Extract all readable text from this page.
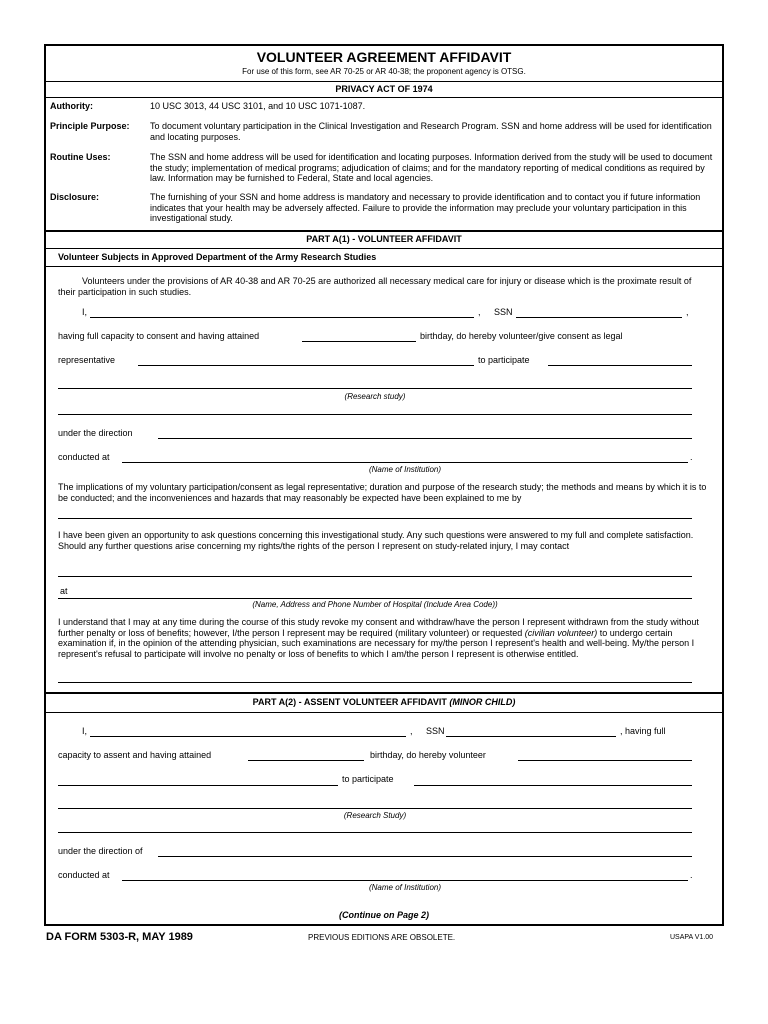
VOLUNTEER AGREEMENT AFFIDAVIT
For use of this form, see AR 70-25 or AR 40-38; the proponent agency is OTSG.
PRIVACY ACT OF 1974
Authority:	10 USC 3013, 44 USC 3101, and 10 USC 1071-1087.
Principle Purpose: To document voluntary participation in the Clinical Investigation and Research Program. SSN and home address will be used for identification and locating purposes.
Routine Uses:	The SSN and home address will be used for identification and locating purposes. Information derived from the study will be used to document the study; implementation of medical programs; adjudication of claims; and for the mandatory reporting of medical conditions as required by law. Information may be furnished to Federal, State and local agencies.
Disclosure:	The furnishing of your SSN and home address is mandatory and necessary to provide identification and to contact you if future information indicates that your health may be adversely affected. Failure to provide the information may preclude your voluntary participation in this investigational study.
PART A(1) - VOLUNTEER AFFIDAVIT
Volunteer Subjects in Approved Department of the Army Research Studies
Volunteers under the provisions of AR 40-38 and AR 70-25 are authorized all necessary medical care for injury or disease which is the proximate result of their participation in such studies.
I,	, SSN	,
having full capacity to consent and having attained	birthday, do hereby volunteer/give consent as legal
representative	to participate
(Research study)
under the direction
conducted at	.
(Name of Institution)
The implications of my voluntary participation/consent as legal representative; duration and purpose of the research study; the methods and means by which it is to be conducted; and the inconveniences and hazards that may reasonably be expected have been explained to me by
I have been given an opportunity to ask questions concerning this investigational study. Any such questions were answered to my full and complete satisfaction. Should any further questions arise concerning my rights/the rights of the person I represent on study-related injury, I may contact
at
(Name, Address and Phone Number of Hospital (Include Area Code))
I understand that I may at any time during the course of this study revoke my consent and withdraw/have the person I represent withdrawn from the study without further penalty or loss of benefits; however, I/the person I represent may be required (military volunteer) or requested (civilian volunteer) to undergo certain examination if, in the opinion of the attending physician, such examinations are necessary for my/the person I represent's health and well-being. My/the person I represent's refusal to participate will involve no penalty or loss of benefits to which I am/the person I represent is otherwise entitled.
PART A(2) - ASSENT VOLUNTEER AFFIDAVIT (MINOR CHILD)
I,	, SSN	, having full
capacity to assent and having attained	birthday, do hereby volunteer
to participate
(Research Study)
under the direction of
conducted at	.
(Name of Institution)
(Continue on Page 2)
DA FORM 5303-R, MAY 1989	PREVIOUS EDITIONS ARE OBSOLETE.	USAPA V1.00
